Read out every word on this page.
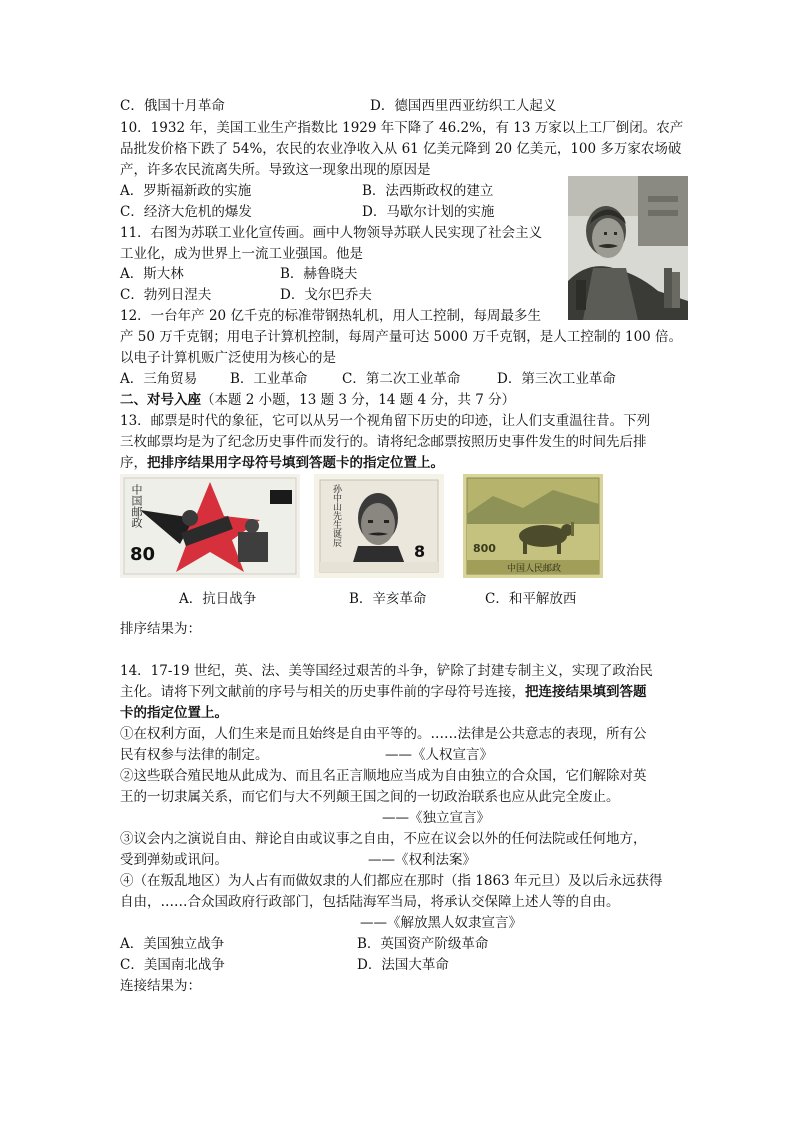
C．俄国十月革命	D．德国西里西亚纺织工人起义
10．1932 年，美国工业生产指数比 1929 年下降了 46.2%，有 13 万家以上工厂倒闭。农产
品批发价格下跌了 54%，农民的农业净收入从 61 亿美元降到 20 亿美元，100 多万家农场破
产，许多农民流离失所。导致这一现象出现的原因是
A．罗斯福新政的实施	B．法西斯政权的建立
C．经济大危机的爆发	D．马歇尔计划的实施
11．右图为苏联工业化宣传画。画中人物领导苏联人民实现了社会主义
工业化，成为世界上一流工业强国。他是
A．斯大林	B．赫鲁晓夫
C．勃列日涅夫	D．戈尔巴乔夫
12．一台年产 20 亿千克的标准带钢热轧机，用人工控制，每周最多生
产 50 万千克钢；用电子计算机控制，每周产量可达 5000 万千克钢，是人工控制的 100 倍。
以电子计算机贩广泛使用为核心的是
A．三角贸易 B．工业革命	C．第二次工业革命	D．第三次工业革命
二、对号入座（本题 2 小题，13 题 3 分，14 题 4 分，共 7 分）
13．邮票是时代的象征，它可以从另一个视角留下历史的印迹，让人们支重温往昔。下列
三枚邮票均是为了纪念历史事件而发行的。请将纪念邮票按照历史事件发生的时间先后排
序，把排序结果用字母符号填到答题卡的指定位置上。
中国邮政
80
孙中山先生诞辰
8	800
中国人民邮政
A．抗日战争	B．辛亥革命	C．和平解放西
排序结果为：
14．17-19 世纪，英、法、美等国经过艰苦的斗争，铲除了封建专制主义，实现了政治民
主化。请将下列文献前的序号与相关的历史事件前的字母符号连接，把连接结果填到答题
卡的指定位置上。
①在权利方面，人们生来是而且始终是自由平等的。……法律是公共意志的表现，所有公
民有权参与法律的制定。	——《人权宣言》
②这些联合殖民地从此成为、而且名正言顺地应当成为自由独立的合众国，它们解除对英
王的一切隶属关系，而它们与大不列颠王国之间的一切政治联系也应从此完全废止。
——《独立宣言》
③议会内之演说自由、辩论自由或议事之自由，不应在议会以外的任何法院或任何地方，
受到弹劾或讯问。	——《权利法案》
④（在叛乱地区）为人占有而做奴隶的人们都应在那时（指 1863 年元旦）及以后永远获得
自由，……合众国政府行政部门，包括陆海军当局，将承认交保障上述人等的自由。
——《解放黑人奴隶宣言》
A．美国独立战争	B．英国资产阶级革命
C．美国南北战争	D．法国大革命
连接结果为：
